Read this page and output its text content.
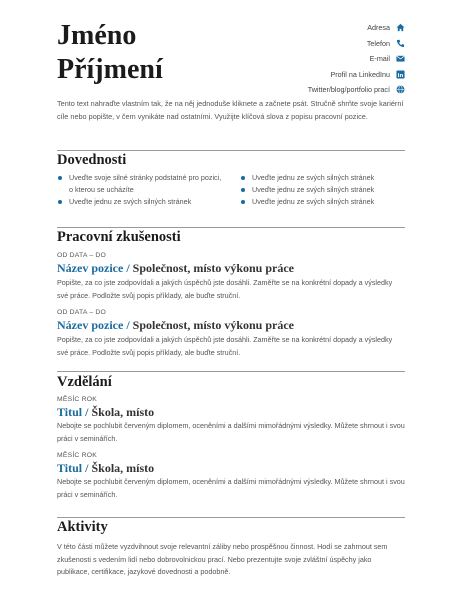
Jméno
Příjmení
Adresa
Telefon
E-mail
Profil na LinkedInu in
Twitter/blog/portfolio prací
Tento text nahraďte vlastním tak, že na něj jednoduše kliknete a začnete psát. Stručně shrňte svoje kariérní cíle nebo popište, v čem vynikáte nad ostatními. Využijte klíčová slova z popisu pracovní pozice.
Dovednosti
Uveďte svoje silné stránky podstatné pro pozici, o kterou se ucházíte
Uveďte jednu ze svých silných stránek
Uveďte jednu ze svých silných stránek
Uveďte jednu ze svých silných stránek
Uveďte jednu ze svých silných stránek
Pracovní zkušenosti
OD DATA – DO
Název pozice / Společnost, místo výkonu práce
Popište, za co jste zodpovídali a jakých úspěchů jste dosáhli. Zaměřte se na konkrétní dopady a výsledky své práce. Podložte svůj popis příklady, ale buďte struční.
OD DATA – DO
Název pozice / Společnost, místo výkonu práce
Popište, za co jste zodpovídali a jakých úspěchů jste dosáhli. Zaměřte se na konkrétní dopady a výsledky své práce. Podložte svůj popis příklady, ale buďte struční.
Vzdělání
MĚSÍC ROK
Titul / Škola, místo
Nebojte se pochlubit červeným diplomem, oceněními a dalšími mimořádnými výsledky. Můžete shrnout i svou práci v seminářích.
MĚSÍC ROK
Titul / Škola, místo
Nebojte se pochlubit červeným diplomem, oceněními a dalšími mimořádnými výsledky. Můžete shrnout i svou práci v seminářích.
Aktivity
V této části můžete vyzdvihnout svoje relevantní záliby nebo prospěšnou činnost. Hodí se zahrnout sem zkušenosti s vedením lidí nebo dobrovolnickou prací. Nebo prezentujte svoje zvláštní úspěchy jako publikace, certifikace, jazykové dovednosti a podobně.
